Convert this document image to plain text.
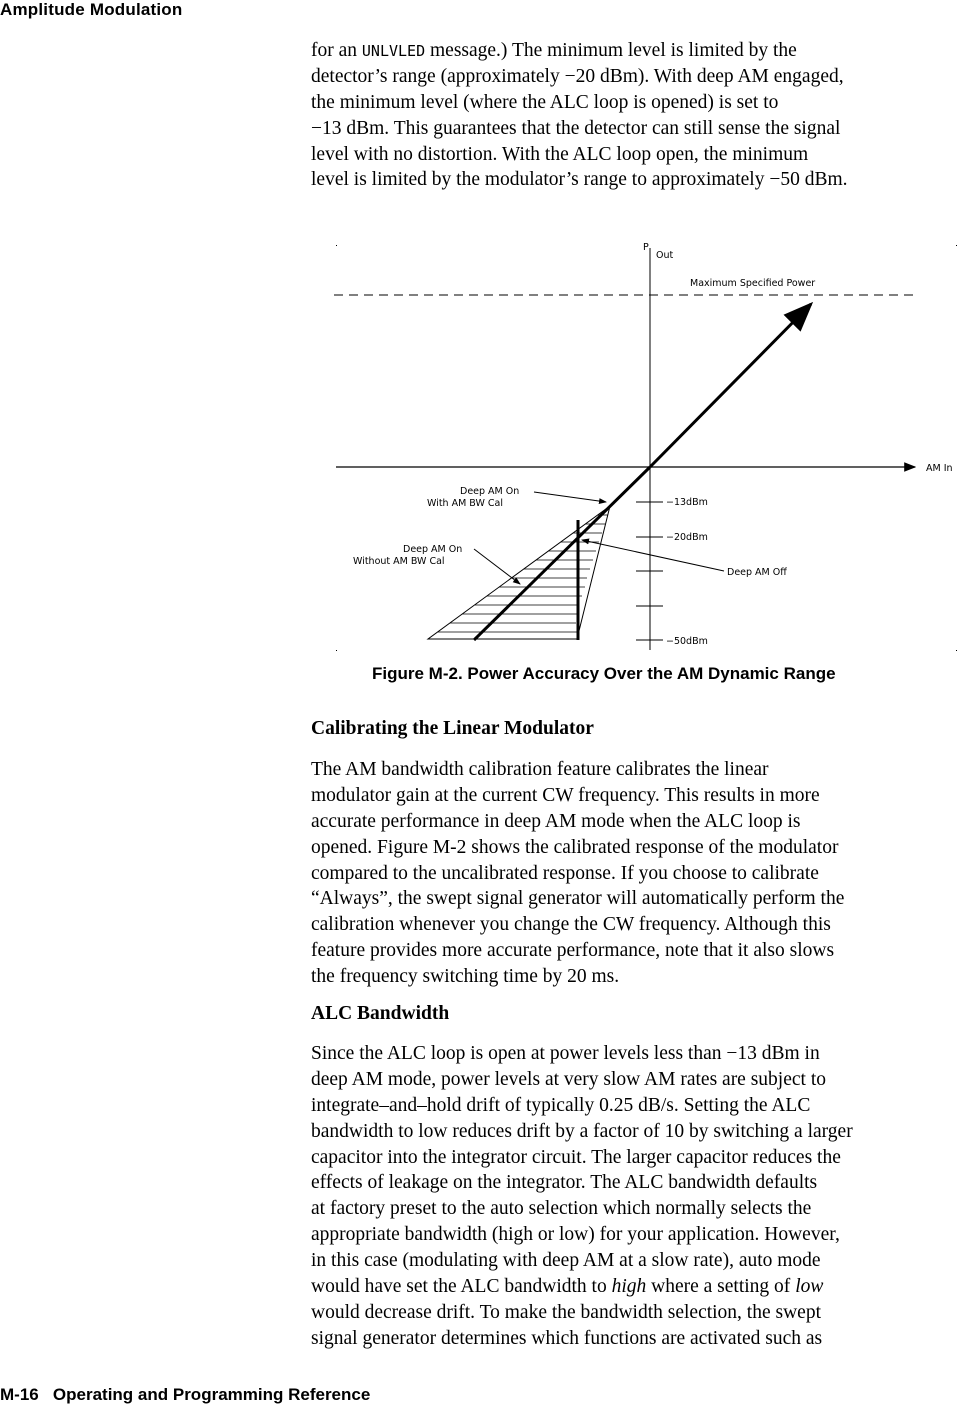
Amplitude Modulation
for an UNLVLED message.) The minimum level is limited by the
detector’s range (approximately −20 dBm). With deep AM engaged,
the minimum level (where the ALC loop is opened) is set to
−13 dBm. This guarantees that the detector can still sense the signal
level with no distortion. With the ALC loop open, the minimum
level is limited by the modulator’s range to approximately −50 dBm.
P
Out
AM In
Maximum Specified Power
−13dBm
−20dBm
−50dBm
Deep AM On
With AM BW Cal
Deep AM On
Without AM BW Cal
Deep AM Off
Figure M-2. Power Accuracy Over the AM Dynamic Range
Calibrating the Linear Modulator
The AM bandwidth calibration feature calibrates the linear
modulator gain at the current CW frequency. This results in more
accurate performance in deep AM mode when the ALC loop is
opened. Figure M-2 shows the calibrated response of the modulator
compared to the uncalibrated response. If you choose to calibrate
“Always”, the swept signal generator will automatically perform the
calibration whenever you change the CW frequency. Although this
feature provides more accurate performance, note that it also slows
the frequency switching time by 20 ms.
ALC Bandwidth
Since the ALC loop is open at power levels less than −13 dBm in
deep AM mode, power levels at very slow AM rates are subject to
integrate–and–hold drift of typically 0.25 dB/s. Setting the ALC
bandwidth to low reduces drift by a factor of 10 by switching a larger
capacitor into the integrator circuit. The larger capacitor reduces the
effects of leakage on the integrator. The ALC bandwidth defaults
at factory preset to the auto selection which normally selects the
appropriate bandwidth (high or low) for your application. However,
in this case (modulating with deep AM at a slow rate), auto mode
would have set the ALC bandwidth to high where a setting of low
would decrease drift. To make the bandwidth selection, the swept
signal generator determines which functions are activated such as
M-16   Operating and Programming Reference
